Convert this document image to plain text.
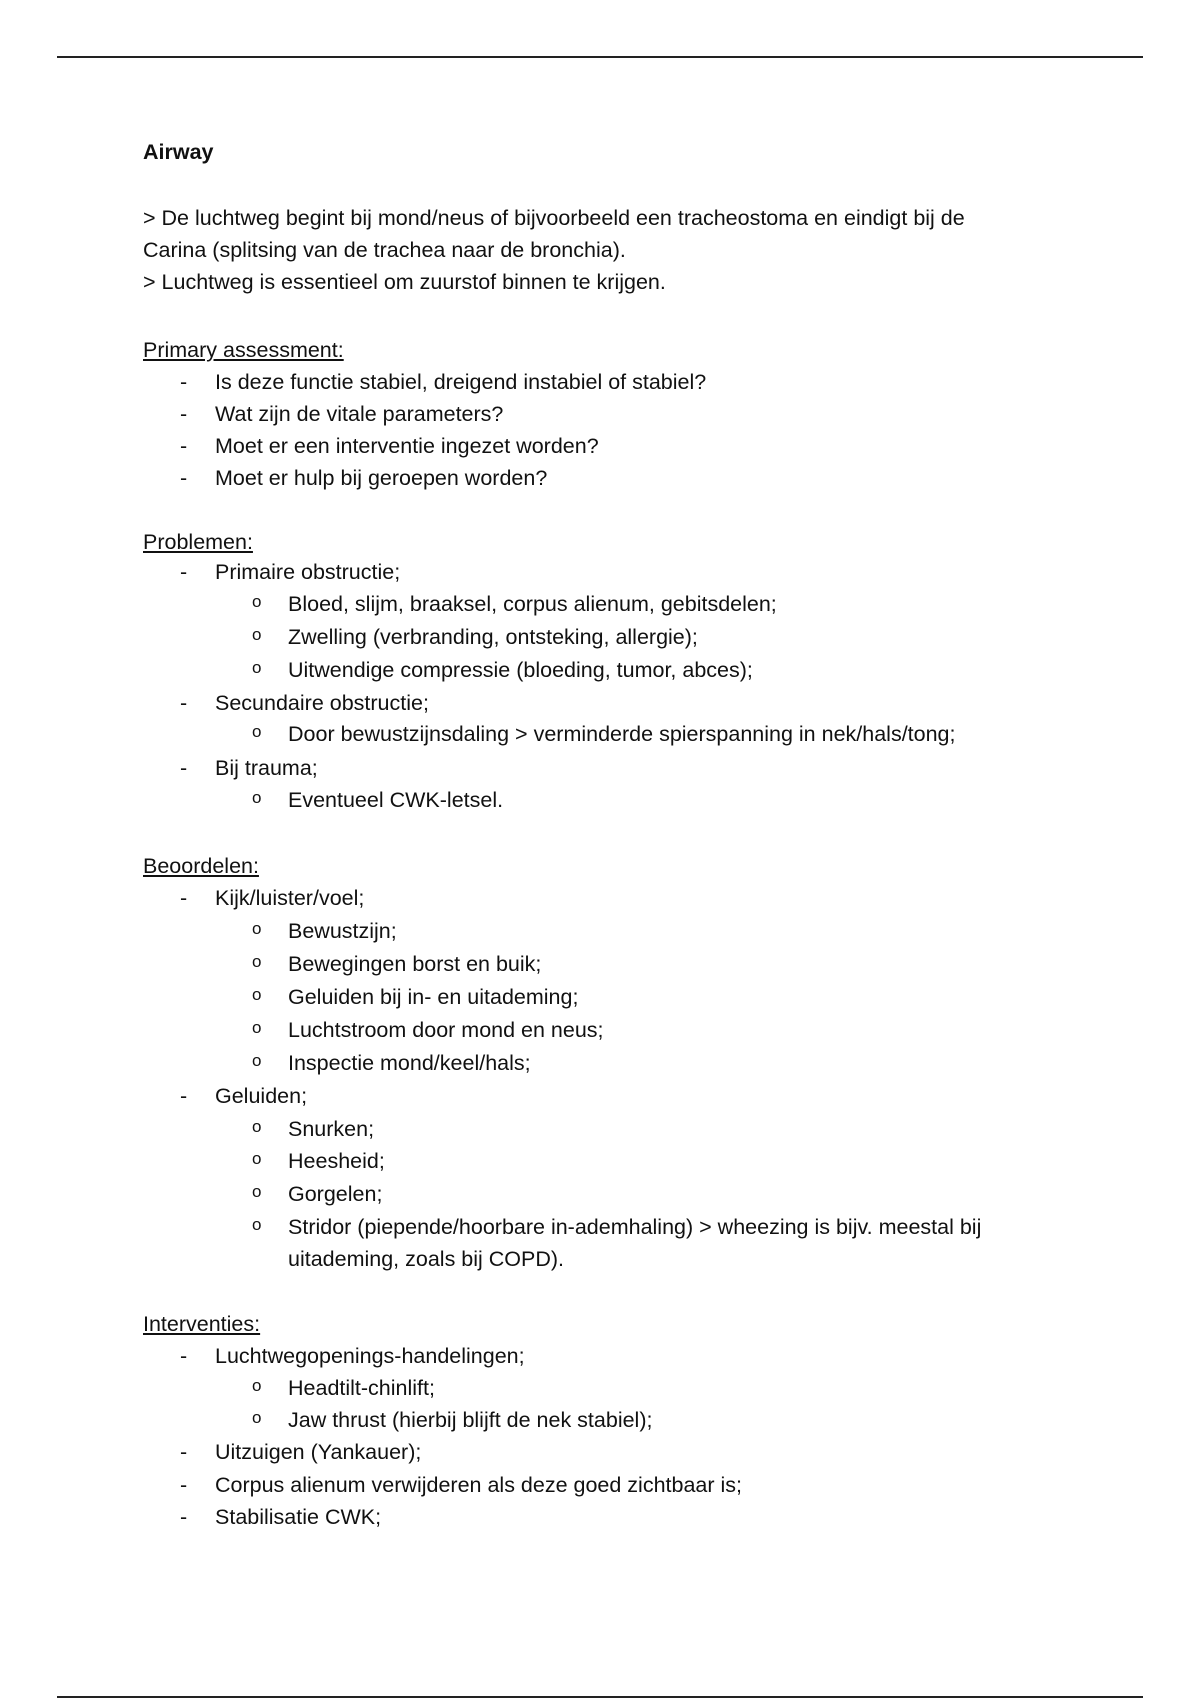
Airway
> De luchtweg begint bij mond/neus of bijvoorbeeld een tracheostoma en eindigt bij de
Carina (splitsing van de trachea naar de bronchia).
> Luchtweg is essentieel om zuurstof binnen te krijgen.
Primary assessment:
- Is deze functie stabiel, dreigend instabiel of stabiel?
- Wat zijn de vitale parameters?
- Moet er een interventie ingezet worden?
- Moet er hulp bij geroepen worden?
Problemen:
- Primaire obstructie;
o Bloed, slijm, braaksel, corpus alienum, gebitsdelen;
o Zwelling (verbranding, ontsteking, allergie);
o Uitwendige compressie (bloeding, tumor, abces);
- Secundaire obstructie;
o Door bewustzijnsdaling > verminderde spierspanning in nek/hals/tong;
- Bij trauma;
o Eventueel CWK-letsel.
Beoordelen:
- Kijk/luister/voel;
o Bewustzijn;
o Bewegingen borst en buik;
o Geluiden bij in- en uitademing;
o Luchtstroom door mond en neus;
o Inspectie mond/keel/hals;
- Geluiden;
o Snurken;
o Heesheid;
o Gorgelen;
o Stridor (piepende/hoorbare in-ademhaling) > wheezing is bijv. meestal bij
uitademing, zoals bij COPD).
Interventies:
- Luchtwegopenings-handelingen;
o Headtilt-chinlift;
o Jaw thrust (hierbij blijft de nek stabiel);
- Uitzuigen (Yankauer);
- Corpus alienum verwijderen als deze goed zichtbaar is;
- Stabilisatie CWK;
